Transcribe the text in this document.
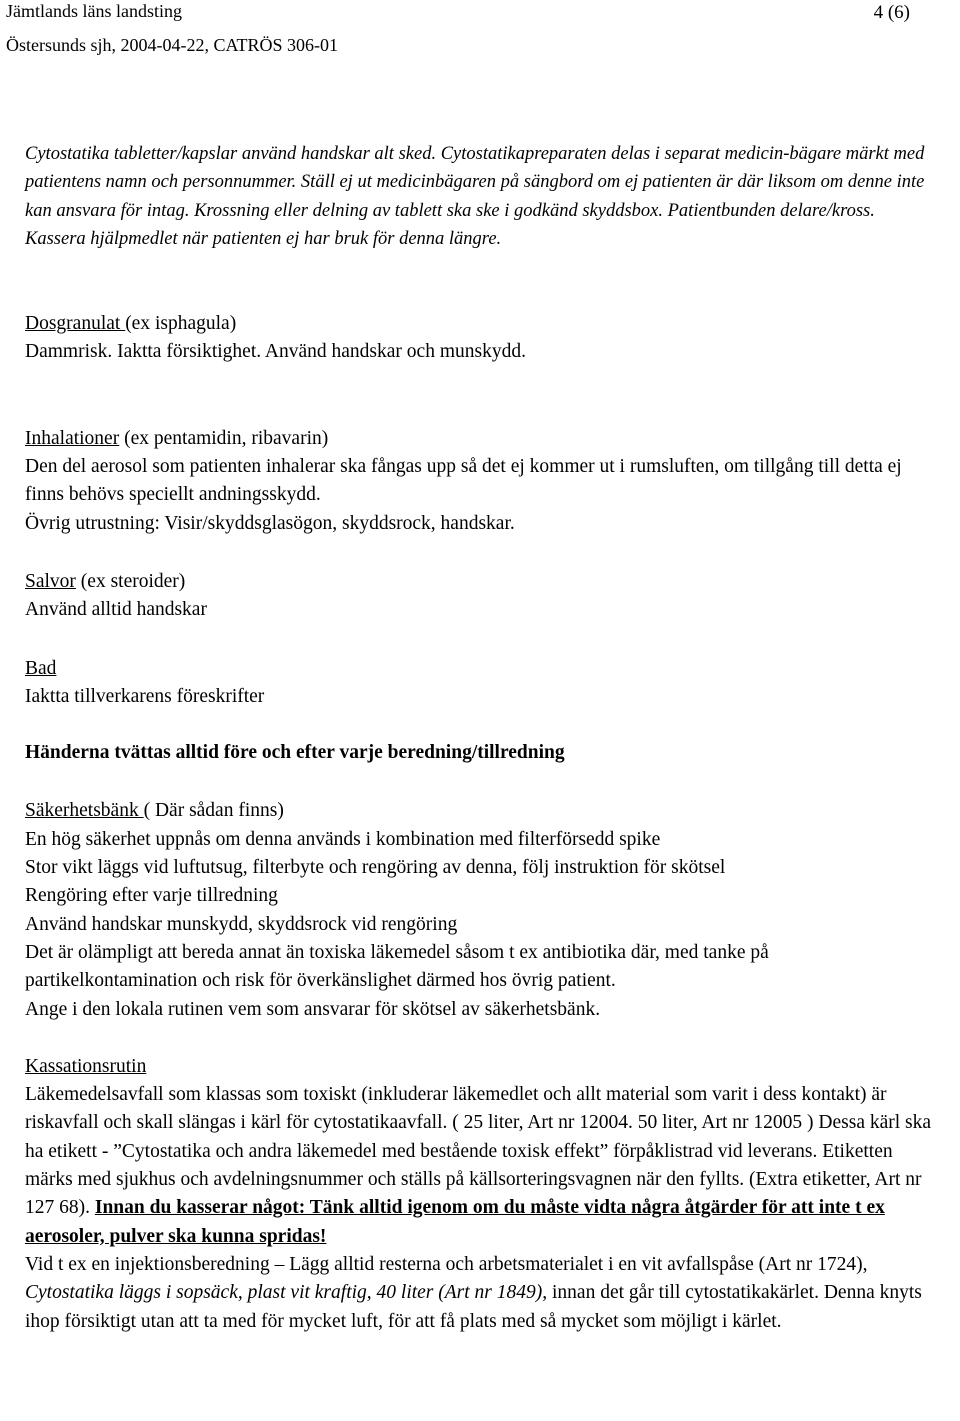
Jämtlands läns landsting	4 (6)
Östersunds sjh, 2004-04-22, CATRÖS 306-01

Cytostatika tabletter/kapslar använd handskar alt sked. Cytostatikapreparaten delas i separat medicin-bägare märkt med patientens namn och personnummer. Ställ ej ut medicinbägaren på sängbord om ej patienten är där liksom om denne inte kan ansvara för intag. Krossning eller delning av tablett ska ske i godkänd skyddsbox. Patientbunden delare/kross. Kassera hjälpmedlet när patienten ej har bruk för denna längre.

Dosgranulat (ex isphagula)

Dammrisk. Iaktta försiktighet. Använd handskar och munskydd.

Inhalationer (ex pentamidin, ribavarin)

Den del aerosol som patienten inhalerar ska fångas upp så det ej kommer ut i rumsluften, om tillgång till detta ej finns behövs speciellt andningsskydd.

Övrig utrustning: Visir/skyddsglasögon, skyddsrock, handskar.

Salvor (ex steroider)

Använd alltid handskar

Bad

Iaktta tillverkarens föreskrifter

Händerna tvättas alltid före och efter varje beredning/tillredning

Säkerhetsbänk ( Där sådan finns)

En hög säkerhet uppnås om denna används i kombination med filterförsedd spike

Stor vikt läggs vid luftutsug, filterbyte och rengöring av denna, följ instruktion för skötsel

Rengöring efter varje tillredning

Använd handskar munskydd, skyddsrock vid rengöring

Det är olämpligt att bereda annat än toxiska läkemedel såsom t ex antibiotika där, med tanke på partikelkontamination och risk för överkänslighet därmed hos övrig patient.

Ange i den lokala rutinen vem som ansvarar för skötsel av säkerhetsbänk.

Kassationsrutin

Läkemedelsavfall som klassas som toxiskt (inkluderar läkemedlet och allt material som varit i dess kontakt) är riskavfall och skall slängas i kärl för cytostatikaavfall. ( 25 liter, Art nr 12004. 50 liter, Art nr 12005 ) Dessa kärl ska ha etikett - ”Cytostatika och andra läkemedel med bestående toxisk effekt” förpåklistrad vid leverans. Etiketten märks med sjukhus och avdelningsnummer och ställs på källsorteringsvagnen när den fyllts. (Extra etiketter, Art nr 127 68). Innan du kasserar något: Tänk alltid igenom om du måste vidta några åtgärder för att inte t ex aerosoler, pulver ska kunna spridas!

Vid t ex en injektionsberedning – Lägg alltid resterna och arbetsmaterialet i en vit avfallspåse (Art nr 1724), Cytostatika läggs i sopsäck, plast vit kraftig, 40 liter (Art nr 1849), innan det går till cytostatikakärlet. Denna knyts ihop försiktigt utan att ta med för mycket luft, för att få plats med så mycket som möjligt i kärlet.
